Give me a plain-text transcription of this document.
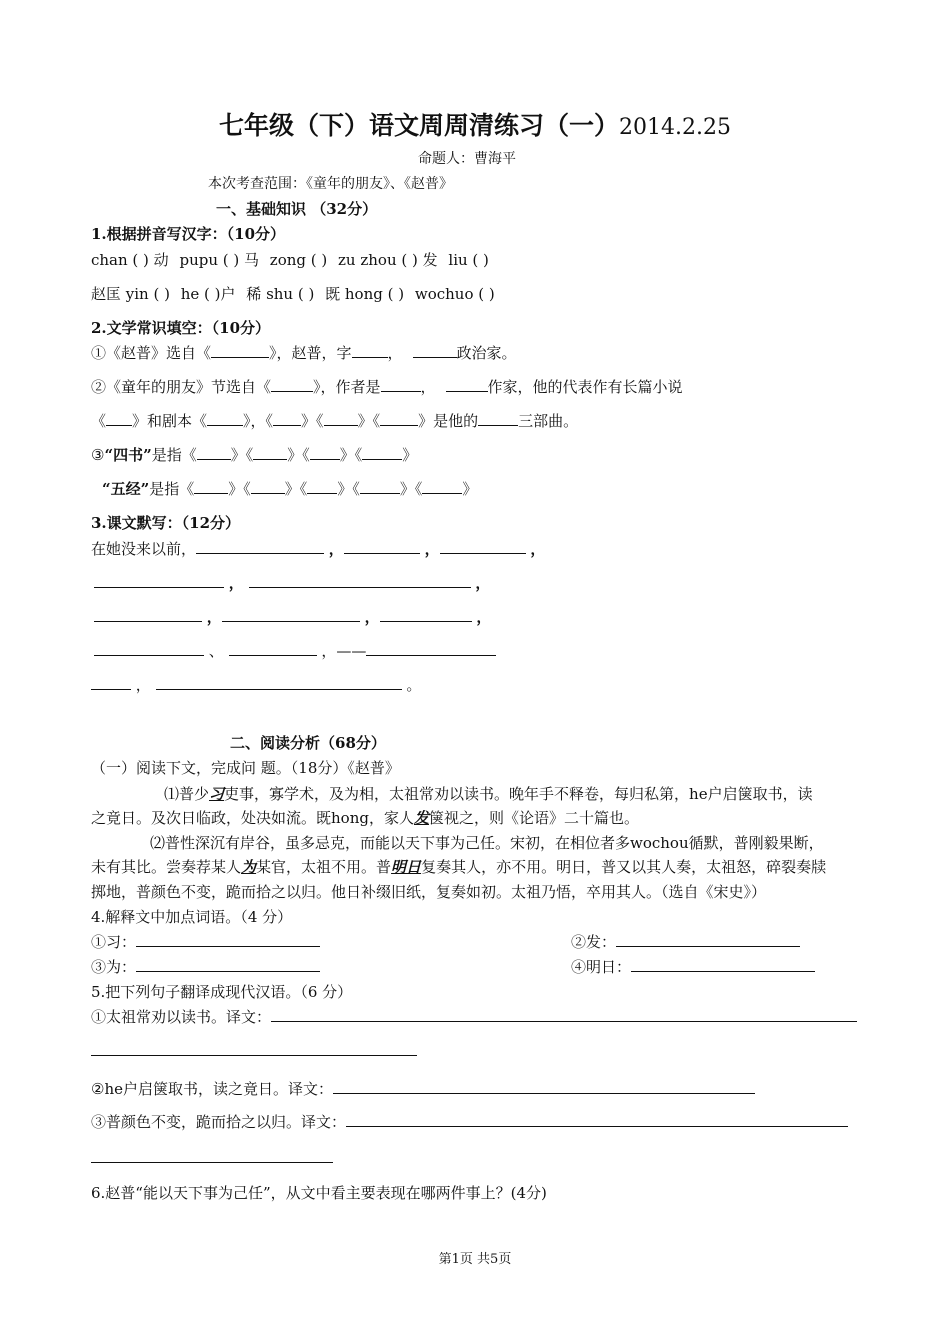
七年级（下）语文周周清练习（一）2014.2.25
命题人：曹海平
本次考查范围：《童年的朋友》、《赵普》
一、基础知识 （32分）
1.根据拼音写汉字：（10分）
chan ( ) 动 pupu ( ) 马 zong ( ) zu zhou ( ) 发 liu ( )
赵匡 yin ( ) he ( )户 稀 shu ( ) 既 hong ( ) wochuo ( )
2.文学常识填空：（10分）
①《赵普》选自《	》，赵普，字 ，	政治家。
②《童年的朋友》节选自《	》，作者是	，	作家，他的代表作有长篇小说
《 》和剧本《 》，《 》《 》《	》是他的	三部曲。
③“四书”是指《 》《 》《 》《	》
“五经”是指《 》《 》《 》《	》《	》
3.课文默写：（12分）
在她没来以前，	，	，	，
，	，
，	，	，
、	，——
，	。
二、阅读分析（68分）
（一）阅读下文，完成问 题。（18分）《赵普》
⑴普少习吏事，寡学术，及为相，太祖常劝以读书。晚年手不释卷，每归私第，he户启箧取书，读
之竟日。及次日临政，处决如流。既hong，家人发箧视之，则《论语》二十篇也。
⑵普性深沉有岸谷，虽多忌克，而能以天下事为己任。宋初，在相位者多wochou循默，普刚毅果断，
未有其比。尝奏荐某人为某官，太祖不用。普明日复奏其人，亦不用。明日，普又以其人奏，太祖怒，碎裂奏牍
掷地，普颜色不变，跪而拾之以归。他日补缀旧纸，复奏如初。太祖乃悟，卒用其人。（选自《宋史》）
4.解释文中加点词语。（4 分）
①习：	②发：
③为：	④明日：
5.把下列句子翻译成现代汉语。（6 分）
①太祖常劝以读书。译文：
②he户启箧取书，读之竟日。译文：
③普颜色不变，跪而拾之以归。译文：
6.赵普“能以天下事为己任”，从文中看主要表现在哪两件事上？(4分)
第1页 共5页
